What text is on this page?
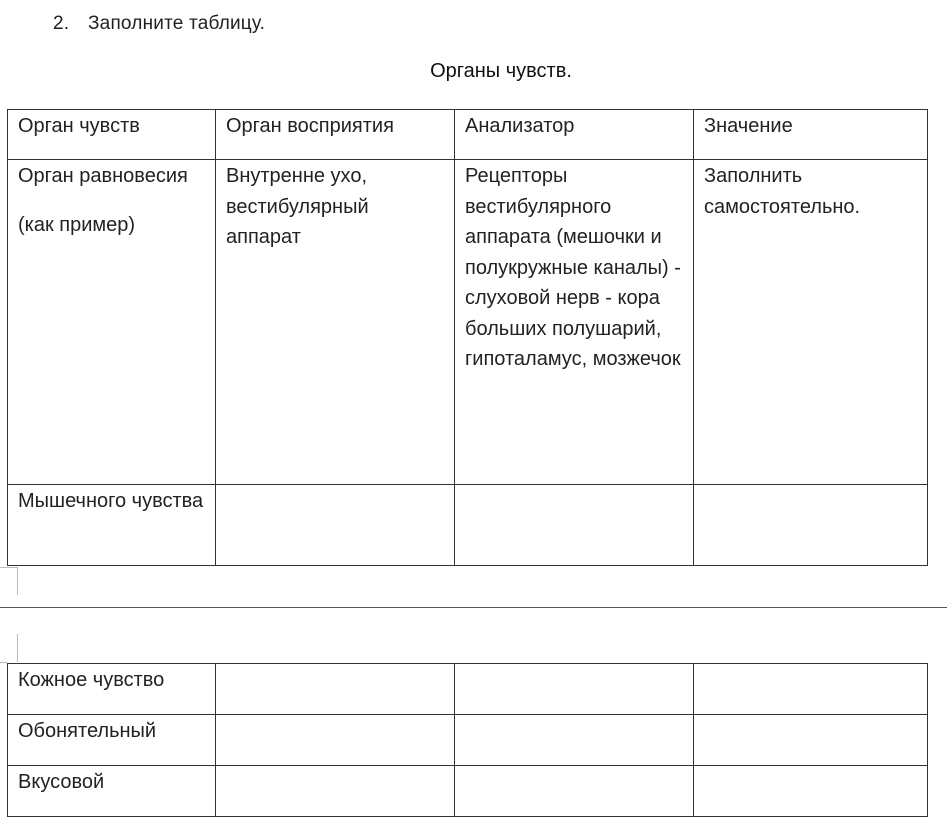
2. Заполните таблицу.
Органы чувств.
Орган чувств	Орган восприятия	Анализатор	Значение
Орган равновесия
(как пример)	Внутренне ухо, вестибулярный аппарат	Рецепторы вестибулярного аппарата (мешочки и полукружные каналы) - слуховой нерв - кора больших полушарий, гипоталамус, мозжечок	Заполнить самостоятельно.
Мышечного чувства			
Кожное чувство			
Обонятельный			
Вкусовой			
